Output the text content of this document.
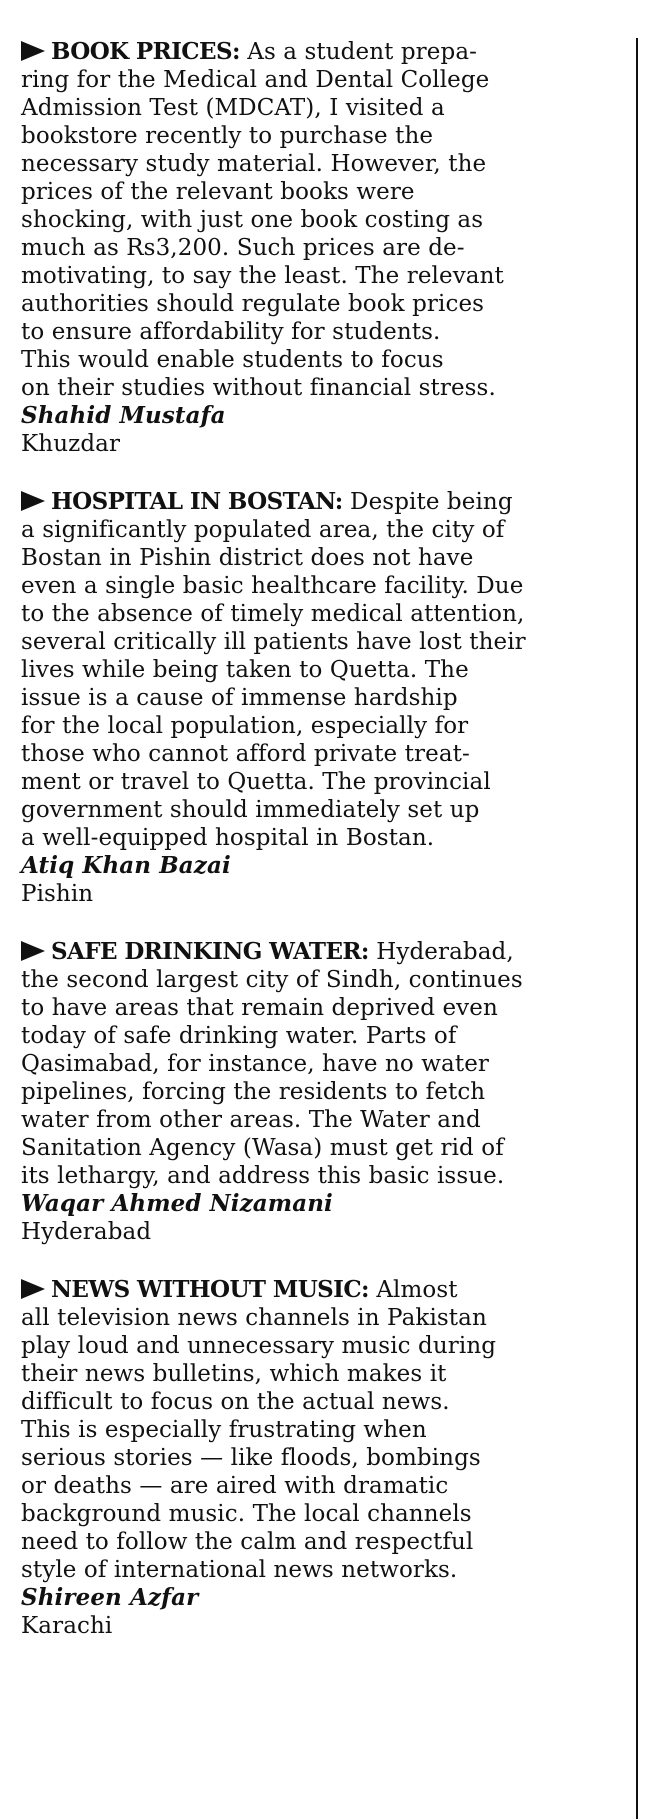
BOOK PRICES: As a student prepa-
ring for the Medical and Dental College
Admission Test (MDCAT), I visited a
bookstore recently to purchase the
necessary study material. However, the
prices of the relevant books were
shocking, with just one book costing as
much as Rs3,200. Such prices are de-
motivating, to say the least. The relevant
authorities should regulate book prices
to ensure affordability for students.
This would enable students to focus
on their studies without financial stress.
Shahid Mustafa
Khuzdar
HOSPITAL IN BOSTAN: Despite being
a significantly populated area, the city of
Bostan in Pishin district does not have
even a single basic healthcare facility. Due
to the absence of timely medical attention,
several critically ill patients have lost their
lives while being taken to Quetta. The
issue is a cause of immense hardship
for the local population, especially for
those who cannot afford private treat-
ment or travel to Quetta. The provincial
government should immediately set up
a well-equipped hospital in Bostan.
Atiq Khan Bazai
Pishin
SAFE DRINKING WATER: Hyderabad,
the second largest city of Sindh, continues
to have areas that remain deprived even
today of safe drinking water. Parts of
Qasimabad, for instance, have no water
pipelines, forcing the residents to fetch
water from other areas. The Water and
Sanitation Agency (Wasa) must get rid of
its lethargy, and address this basic issue.
Waqar Ahmed Nizamani
Hyderabad
NEWS WITHOUT MUSIC: Almost
all television news channels in Pakistan
play loud and unnecessary music during
their news bulletins, which makes it
difficult to focus on the actual news.
This is especially frustrating when
serious stories — like floods, bombings
or deaths — are aired with dramatic
background music. The local channels
need to follow the calm and respectful
style of international news networks.
Shireen Azfar
Karachi
